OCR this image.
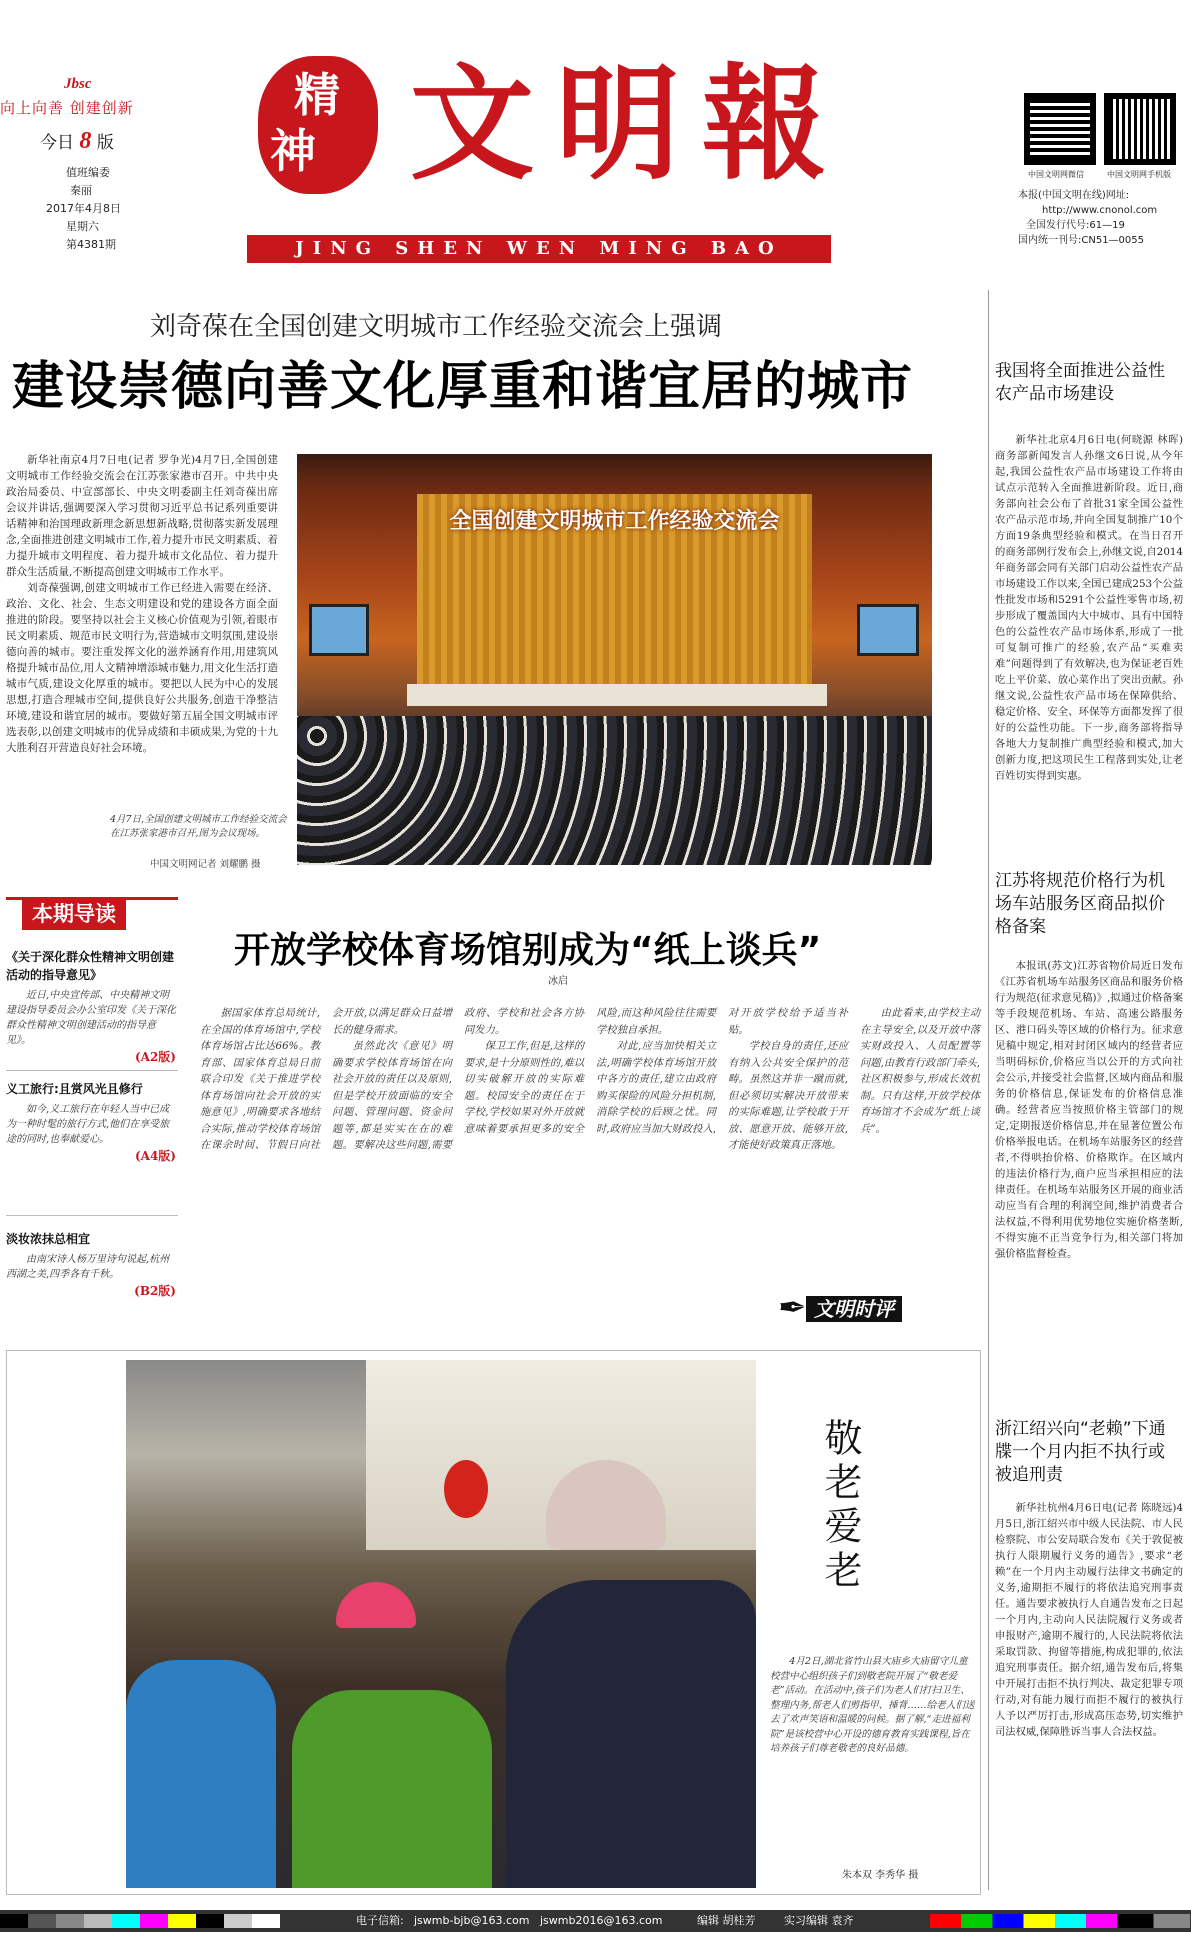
Jbsc
向上向善 创建创新
今日 8 版
值班编委
秦丽
2017年4月8日
星期六
第4381期
精
神 文明報
JING SHEN WEN MING BAO
中国文明网微信	中国文明网手机版
本报(中国文明在线)网址:
http://www.cnonol.com
全国发行代号:61—19
国内统一刊号:CN51—0055
刘奇葆在全国创建文明城市工作经验交流会上强调
建设崇德向善文化厚重和谐宜居的城市

新华社南京4月7日电(记者 罗争光)4月7日,全国创建文明城市工作经验交流会在江苏张家港市召开。中共中央政治局委员、中宣部部长、中央文明委副主任刘奇葆出席会议并讲话,强调要深入学习贯彻习近平总书记系列重要讲话精神和治国理政新理念新思想新战略,贯彻落实新发展理念,全面推进创建文明城市工作,着力提升市民文明素质、着力提升城市文明程度、着力提升城市文化品位、着力提升群众生活质量,不断提高创建文明城市工作水平。

刘奇葆强调,创建文明城市工作已经进入需要在经济、政治、文化、社会、生态文明建设和党的建设各方面全面推进的阶段。要坚持以社会主义核心价值观为引领,着眼市民文明素质、规范市民文明行为,营造城市文明氛围,建设崇德向善的城市。要注重发挥文化的滋养涵育作用,用建筑风格提升城市品位,用人文精神增添城市魅力,用文化生活打造城市气质,建设文化厚重的城市。要把以人民为中心的发展思想,打造合理城市空间,提供良好公共服务,创造干净整洁环境,建设和谐宜居的城市。要做好第五届全国文明城市评选表彰,以创建文明城市的优异成绩和丰硕成果,为党的十九大胜利召开营造良好社会环境。

全国创建文明城市工作经验交流会
4月7日,全国创建文明城市工作经验交流会在江苏张家港市召开,图为会议现场。
中国文明网记者 刘耀鹏 摄
我国将全面推进公益性农产品市场建设
新华社北京4月6日电(何晓源 林晖)商务部新闻发言人孙继文6日说,从今年起,我国公益性农产品市场建设工作将由试点示范转入全面推进新阶段。近日,商务部向社会公布了首批31家全国公益性农产品示范市场,并向全国复制推广10个方面19条典型经验和模式。在当日召开的商务部例行发布会上,孙继文说,自2014年商务部会同有关部门启动公益性农产品市场建设工作以来,全国已建成253个公益性批发市场和5291个公益性零售市场,初步形成了覆盖国内大中城市、具有中国特色的公益性农产品市场体系,形成了一批可复制可推广的经验,农产品“买难卖难”问题得到了有效解决,也为保证老百姓吃上平价菜、放心菜作出了突出贡献。孙继文说,公益性农产品市场在保障供给、稳定价格、安全、环保等方面都发挥了很好的公益性功能。下一步,商务部将指导各地大力复制推广典型经验和模式,加大创新力度,把这项民生工程落到实处,让老百姓切实得到实惠。
江苏将规范价格行为机场车站服务区商品拟价格备案
本报讯(苏文)江苏省物价局近日发布《江苏省机场车站服务区商品和服务价格行为规范(征求意见稿)》,拟通过价格备案等手段规范机场、车站、高速公路服务区、港口码头等区域的价格行为。征求意见稿中规定,相对封闭区域内的经营者应当明码标价,价格应当以公开的方式向社会公示,并接受社会监督,区域内商品和服务的价格信息,保证发布的价格信息准确。经营者应当按照价格主管部门的规定,定期报送价格信息,并在显著位置公布价格举报电话。在机场车站服务区的经营者,不得哄抬价格、价格欺诈。在区域内的违法价格行为,商户应当承担相应的法律责任。在机场车站服务区开展的商业活动应当有合理的利润空间,维护消费者合法权益,不得利用优势地位实施价格垄断,不得实施不正当竞争行为,相关部门将加强价格监督检查。
浙江绍兴向“老赖”下通牒一个月内拒不执行或被追刑责
新华社杭州4月6日电(记者 陈晓远)4月5日,浙江绍兴市中级人民法院、市人民检察院、市公安局联合发布《关于敦促被执行人限期履行义务的通告》,要求“老赖”在一个月内主动履行法律文书确定的义务,逾期拒不履行的将依法追究刑事责任。通告要求被执行人自通告发布之日起一个月内,主动向人民法院履行义务或者申报财产,逾期不履行的,人民法院将依法采取罚款、拘留等措施,构成犯罪的,依法追究刑事责任。据介绍,通告发布后,将集中开展打击拒不执行判决、裁定犯罪专项行动,对有能力履行而拒不履行的被执行人予以严厉打击,形成高压态势,切实维护司法权威,保障胜诉当事人合法权益。
本期导读
《关于深化群众性精神文明创建活动的指导意见》
近日,中央宣传部、中央精神文明建设指导委员会办公室印发《关于深化群众性精神文明创建活动的指导意见》。
(A2版)
义工旅行:且赏风光且修行
如今,义工旅行在年轻人当中已成为一种时髦的旅行方式,他们在享受旅途的同时,也奉献爱心。
(A4版)
淡妆浓抹总相宜
由南宋诗人杨万里诗句说起,杭州西湖之美,四季各有千秋。
(B2版)
开放学校体育场馆别成为“纸上谈兵”
冰启

据国家体育总局统计,在全国的体育场馆中,学校体育场馆占比达66%。教育部、国家体育总局日前联合印发《关于推进学校体育场馆向社会开放的实施意见》,明确要求各地结合实际,推动学校体育场馆在课余时间、节假日向社会开放,以满足群众日益增长的健身需求。

虽然此次《意见》明确要求学校体育场馆在向社会开放的责任以及原则,但是学校开放面临的安全问题、管理问题、资金问题等,都是实实在在的难题。要解决这些问题,需要政府、学校和社会各方协同发力。

保卫工作,但是,这样的要求,是十分原则性的,难以切实破解开放的实际难题。校园安全的责任在于学校,学校如果对外开放就意味着要承担更多的安全风险,而这种风险往往需要学校独自承担。

对此,应当加快相关立法,明确学校体育场馆开放中各方的责任,建立由政府购买保险的风险分担机制,消除学校的后顾之忧。同时,政府应当加大财政投入,对开放学校给予适当补贴。

学校自身的责任,还应有纳入公共安全保护的范畴。虽然这并非一蹴而就,但必须切实解决开放带来的实际难题,让学校敢于开放、愿意开放、能够开放,才能使好政策真正落地。

由此看来,由学校主动在主导安全,以及开放中落实财政投入、人员配置等问题,由教育行政部门牵头,社区积极参与,形成长效机制。只有这样,开放学校体育场馆才不会成为“纸上谈兵”。

✒ 文明时评
敬老爱老
4月2日,湖北省竹山县大庙乡大庙留守儿童校营中心组织孩子们到敬老院开展了“敬老爱老”活动。在活动中,孩子们为老人们打扫卫生、整理内务,帮老人们剪指甲、捶背……给老人们送去了欢声笑语和温暖的问候。据了解,“走进福利院”是该校营中心开设的德育教育实践课程,旨在培养孩子们尊老敬老的良好品德。
朱本双 李秀华 摄
电子信箱: jswmb-bjb@163.com jswmb2016@163.com	编辑 胡桂芳	实习编辑 袁齐
